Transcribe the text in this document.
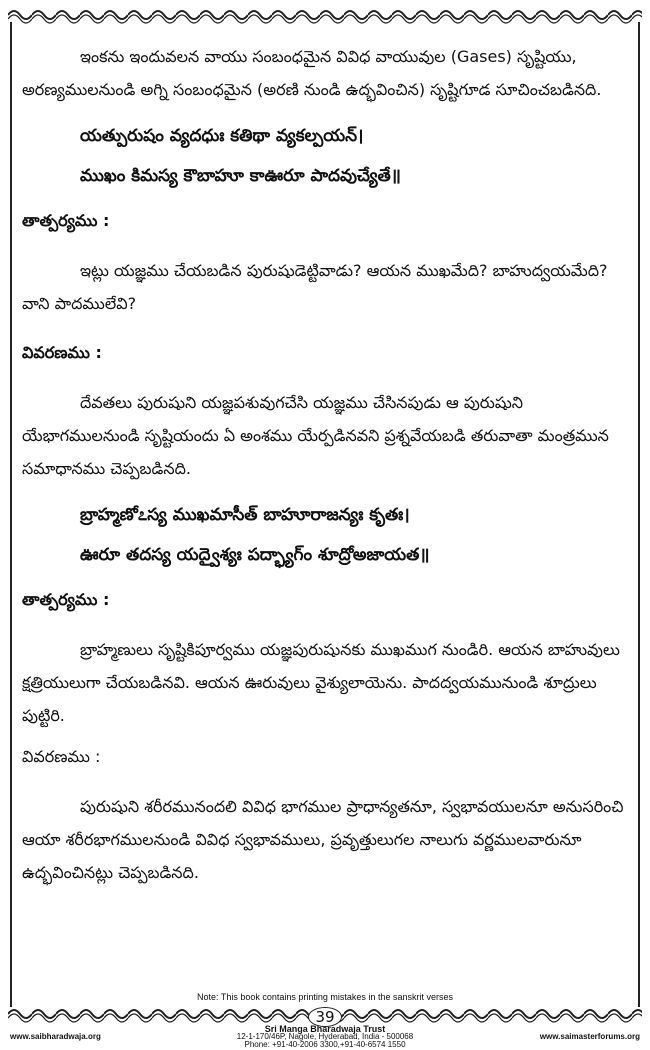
ఇంకను ఇందువలన వాయు సంబంధమైన వివిధ వాయువుల (Gases) సృష్టియు, అరణ్యములనుండి అగ్ని సంబంధమైన (అరణి నుండి ఉద్భవించిన) సృష్టిగూడ సూచించబడినది.

యత్పురుషం వ్యదధుః కతిథా వ్యకల్పయన్।

ముఖం కిమస్య కౌబాహూ కాఊరూ పాదవుచ్యేతే॥

తాత్పర్యము :

ఇట్లు యజ్ఞము చేయబడిన పురుషుడెట్టివాడు? ఆయన ముఖమేది? బాహుద్వయమేది? వాని పాదములేవి?

వివరణము :

దేవతలు పురుషుని యజ్ఞపశువుగచేసి యజ్ఞము చేసినపుడు ఆ పురుషుని యేభాగములనుండి సృష్టియందు ఏ అంశము యేర్పడినవని ప్రశ్నవేయబడి తరువాతా మంత్రమున సమాధానము చెప్పబడినది.

బ్రాహ్మణో೭స్య ముఖమాసీత్ బాహూరాజన్యః కృతః।

ఊరూ తదస్య యద్వైశ్యః పద్భ్యాగ్ం శూద్రోఅజాయత॥

తాత్పర్యము :

బ్రాహ్మణులు సృష్టికిపూర్వము యజ్ఞపురుషునకు ముఖముగ నుండిరి. ఆయన బాహువులు క్షత్రియులుగా చేయబడినవి. ఆయన ఊరువులు వైశ్యులాయెను. పాదద్వయమునుండి శూద్రులు పుట్టిరి.

వివరణము :

పురుషుని శరీరమునందలి వివిధ భాగముల ప్రాధాన్యతనూ, స్వభావయులనూ అనుసరించి ఆయా శరీరభాగములనుండి వివిధ స్వభావములు, ప్రవృత్తులుగల నాలుగు వర్ణములవారునూ ఉద్భవించినట్లు చెప్పబడినది.

Note: This book contains printing mistakes in the sanskrit verses
39
www.saibharadwaja.org
Sri Manga Bharadwaja Trust
12-1-170/46P, Nagole, Hyderabad, India - 500068
Phone: +91-40-2006 3300,+91-40-6574 1550
www.saimasterforums.org
